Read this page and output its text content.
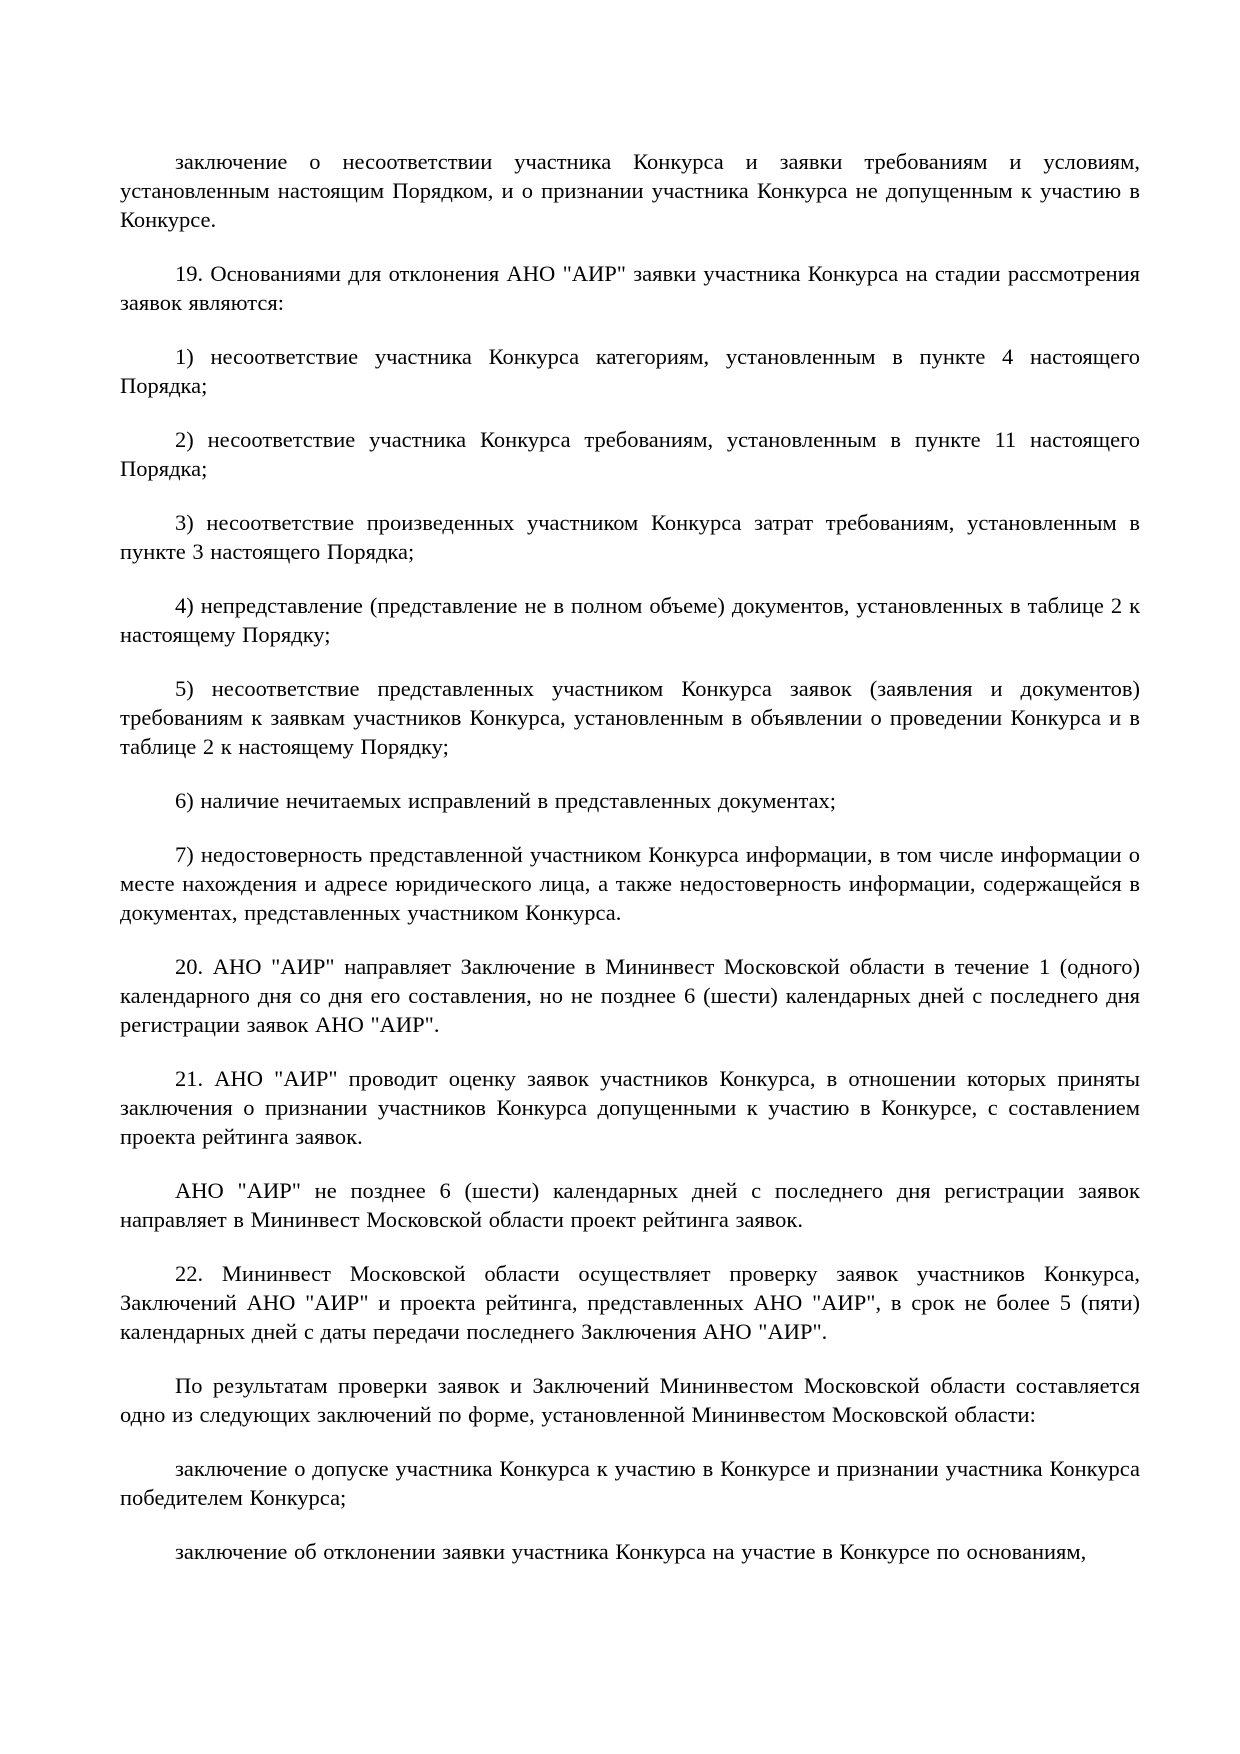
заключение о несоответствии участника Конкурса и заявки требованиям и условиям, установленным настоящим Порядком, и о признании участника Конкурса не допущенным к участию в Конкурсе.

19. Основаниями для отклонения АНО "АИР" заявки участника Конкурса на стадии рассмотрения заявок являются:

1) несоответствие участника Конкурса категориям, установленным в пункте 4 настоящего Порядка;

2) несоответствие участника Конкурса требованиям, установленным в пункте 11 настоящего Порядка;

3) несоответствие произведенных участником Конкурса затрат требованиям, установленным в пункте 3 настоящего Порядка;

4) непредставление (представление не в полном объеме) документов, установленных в таблице 2 к настоящему Порядку;

5) несоответствие представленных участником Конкурса заявок (заявления и документов) требованиям к заявкам участников Конкурса, установленным в объявлении о проведении Конкурса и в таблице 2 к настоящему Порядку;

6) наличие нечитаемых исправлений в представленных документах;

7) недостоверность представленной участником Конкурса информации, в том числе информации о месте нахождения и адресе юридического лица, а также недостоверность информации, содержащейся в документах, представленных участником Конкурса.

20. АНО "АИР" направляет Заключение в Мининвест Московской области в течение 1 (одного) календарного дня со дня его составления, но не позднее 6 (шести) календарных дней с последнего дня регистрации заявок АНО "АИР".

21. АНО "АИР" проводит оценку заявок участников Конкурса, в отношении которых приняты заключения о признании участников Конкурса допущенными к участию в Конкурсе, с составлением проекта рейтинга заявок.

АНО "АИР" не позднее 6 (шести) календарных дней с последнего дня регистрации заявок направляет в Мининвест Московской области проект рейтинга заявок.

22. Мининвест Московской области осуществляет проверку заявок участников Конкурса, Заключений АНО "АИР" и проекта рейтинга, представленных АНО "АИР", в срок не более 5 (пяти) календарных дней с даты передачи последнего Заключения АНО "АИР".

По результатам проверки заявок и Заключений Мининвестом Московской области составляется одно из следующих заключений по форме, установленной Мининвестом Московской области:

заключение о допуске участника Конкурса к участию в Конкурсе и признании участника Конкурса победителем Конкурса;

заключение об отклонении заявки участника Конкурса на участие в Конкурсе по основаниям,
